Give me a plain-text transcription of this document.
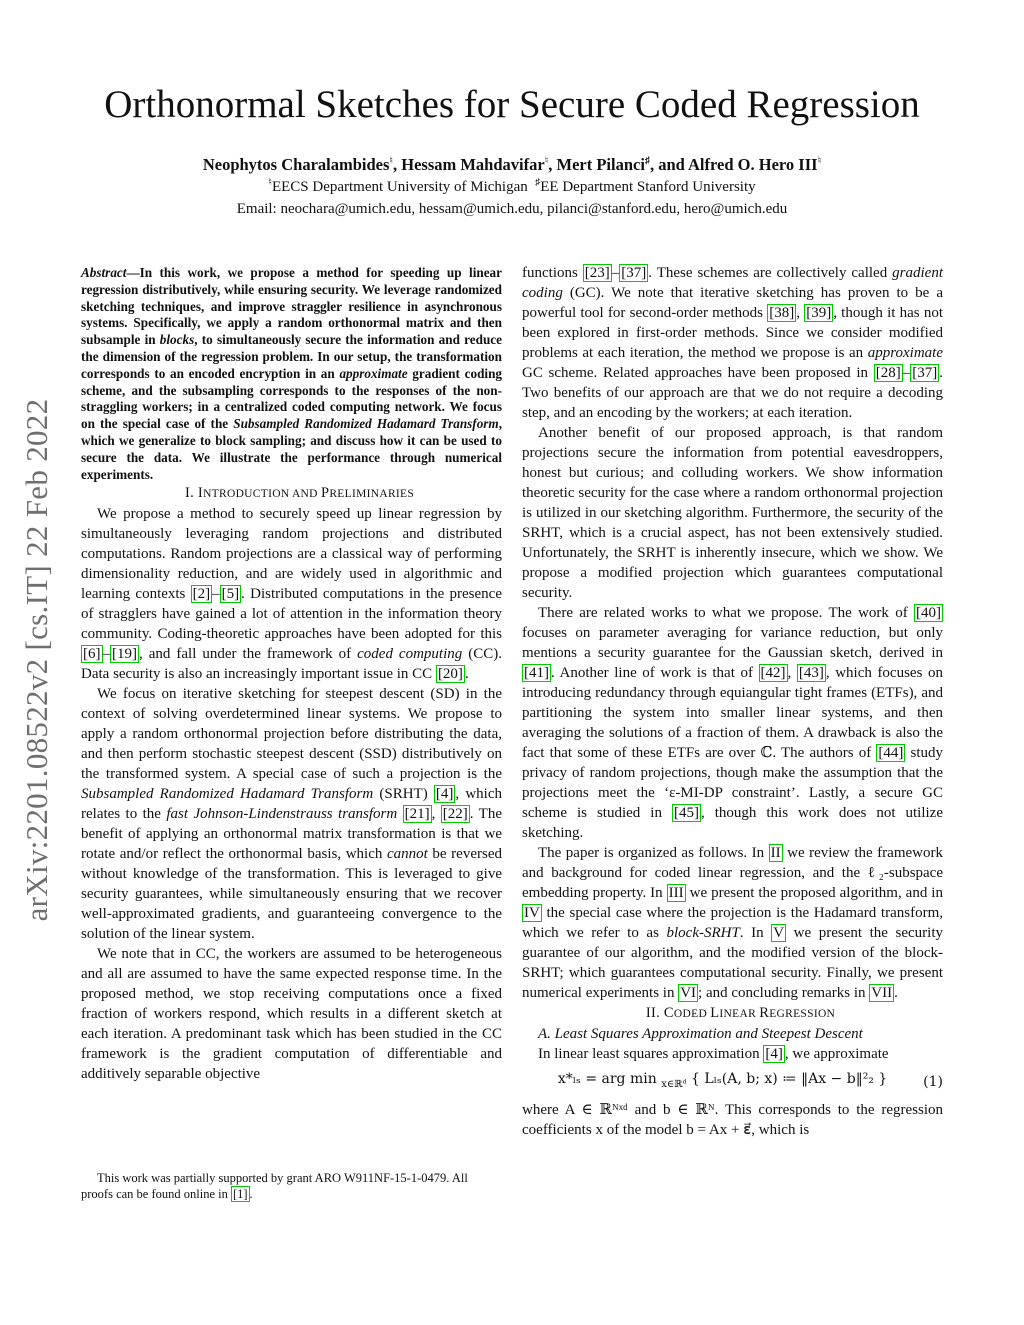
Orthonormal Sketches for Secure Coded Regression
Neophytos Charalambides♮, Hessam Mahdavifar♮, Mert Pilanci♯, and Alfred O. Hero III♮
♮EECS Department University of Michigan ♯EE Department Stanford University
Email: neochara@umich.edu, hessam@umich.edu, pilanci@stanford.edu, hero@umich.edu
arXiv:2201.08522v2 [cs.IT] 22 Feb 2022
Abstract—In this work, we propose a method for speeding up linear regression distributively, while ensuring security. We leverage randomized sketching techniques, and improve straggler resilience in asynchronous systems. Specifically, we apply a random orthonormal matrix and then subsample in blocks, to simultaneously secure the information and reduce the dimension of the regression problem. In our setup, the transformation corresponds to an encoded encryption in an approximate gradient coding scheme, and the subsampling corresponds to the responses of the non-straggling workers; in a centralized coded computing network. We focus on the special case of the Subsampled Randomized Hadamard Transform, which we generalize to block sampling; and discuss how it can be used to secure the data. We illustrate the performance through numerical experiments.

I. INTRODUCTION AND PRELIMINARIES

We propose a method to securely speed up linear regression by simultaneously leveraging random projections and distributed computations. Random projections are a classical way of performing dimensionality reduction, and are widely used in algorithmic and learning contexts [2] – [5] . Distributed computations in the presence of stragglers have gained a lot of attention in the information theory community. Coding-theoretic approaches have been adopted for this [6] – [19] , and fall under the framework of coded computing (CC). Data security is also an increasingly important issue in CC [20] .

We focus on iterative sketching for steepest descent (SD) in the context of solving overdetermined linear systems. We propose to apply a random orthonormal projection before distributing the data, and then perform stochastic steepest descent (SSD) distributively on the transformed system. A special case of such a projection is the Subsampled Randomized Hadamard Transform (SRHT) [4] , which relates to the fast Johnson-Lindenstrauss transform [21] , [22] . The benefit of applying an orthonormal matrix transformation is that we rotate and/or reflect the orthonormal basis, which cannot be reversed without knowledge of the transformation. This is leveraged to give security guarantees, while simultaneously ensuring that we recover well-approximated gradients, and guaranteeing convergence to the solution of the linear system.

We note that in CC, the workers are assumed to be heterogeneous and all are assumed to have the same expected response time. In the proposed method, we stop receiving computations once a fixed fraction of workers respond, which results in a different sketch at each iteration. A predominant task which has been studied in the CC framework is the gradient computation of differentiable and additively separable objective

This work was partially supported by grant ARO W911NF-15-1-0479. All proofs can be found online in [1] .

functions [23] – [37] . These schemes are collectively called gradient coding (GC). We note that iterative sketching has proven to be a powerful tool for second-order methods [38] , [39] , though it has not been explored in first-order methods. Since we consider modified problems at each iteration, the method we propose is an approximate GC scheme. Related approaches have been proposed in [28] – [37] . Two benefits of our approach are that we do not require a decoding step, and an encoding by the workers; at each iteration.

Another benefit of our proposed approach, is that random projections secure the information from potential eavesdroppers, honest but curious; and colluding workers. We show information theoretic security for the case where a random orthonormal projection is utilized in our sketching algorithm. Furthermore, the security of the SRHT, which is a crucial aspect, has not been extensively studied. Unfortunately, the SRHT is inherently insecure, which we show. We propose a modified projection which guarantees computational security.

There are related works to what we propose. The work of [40] focuses on parameter averaging for variance reduction, but only mentions a security guarantee for the Gaussian sketch, derived in [41] . Another line of work is that of [42] , [43] , which focuses on introducing redundancy through equiangular tight frames (ETFs), and partitioning the system into smaller linear systems, and then averaging the solutions of a fraction of them. A drawback is also the fact that some of these ETFs are over ℂ. The authors of [44] study privacy of random projections, though make the assumption that the projections meet the ‘ε-MI-DP constraint’. Lastly, a secure GC scheme is studied in [45] , though this work does not utilize sketching.

The paper is organized as follows. In II we review the framework and background for coded linear regression, and the ℓ₂-subspace embedding property. In III we present the proposed algorithm, and in IV the special case where the projection is the Hadamard transform, which we refer to as block-SRHT. In V we present the security guarantee of our algorithm, and the modified version of the block-SRHT; which guarantees computational security. Finally, we present numerical experiments in VI ; and concluding remarks in VII .

II. CODED LINEAR REGRESSION

A. Least Squares Approximation and Steepest Descent

In linear least squares approximation [4] , we approximate

x*ₗₛ = arg min $_{x\in ℝᵈ}$ { Lₗₛ(A, b; x) ≔ ‖Ax − b‖²₂ }	(1)

where A ∈ ℝᴺˣᵈ and b ∈ ℝᴺ. This corresponds to the regression coefficients x of the model b = Ax + ε⃗, which is
